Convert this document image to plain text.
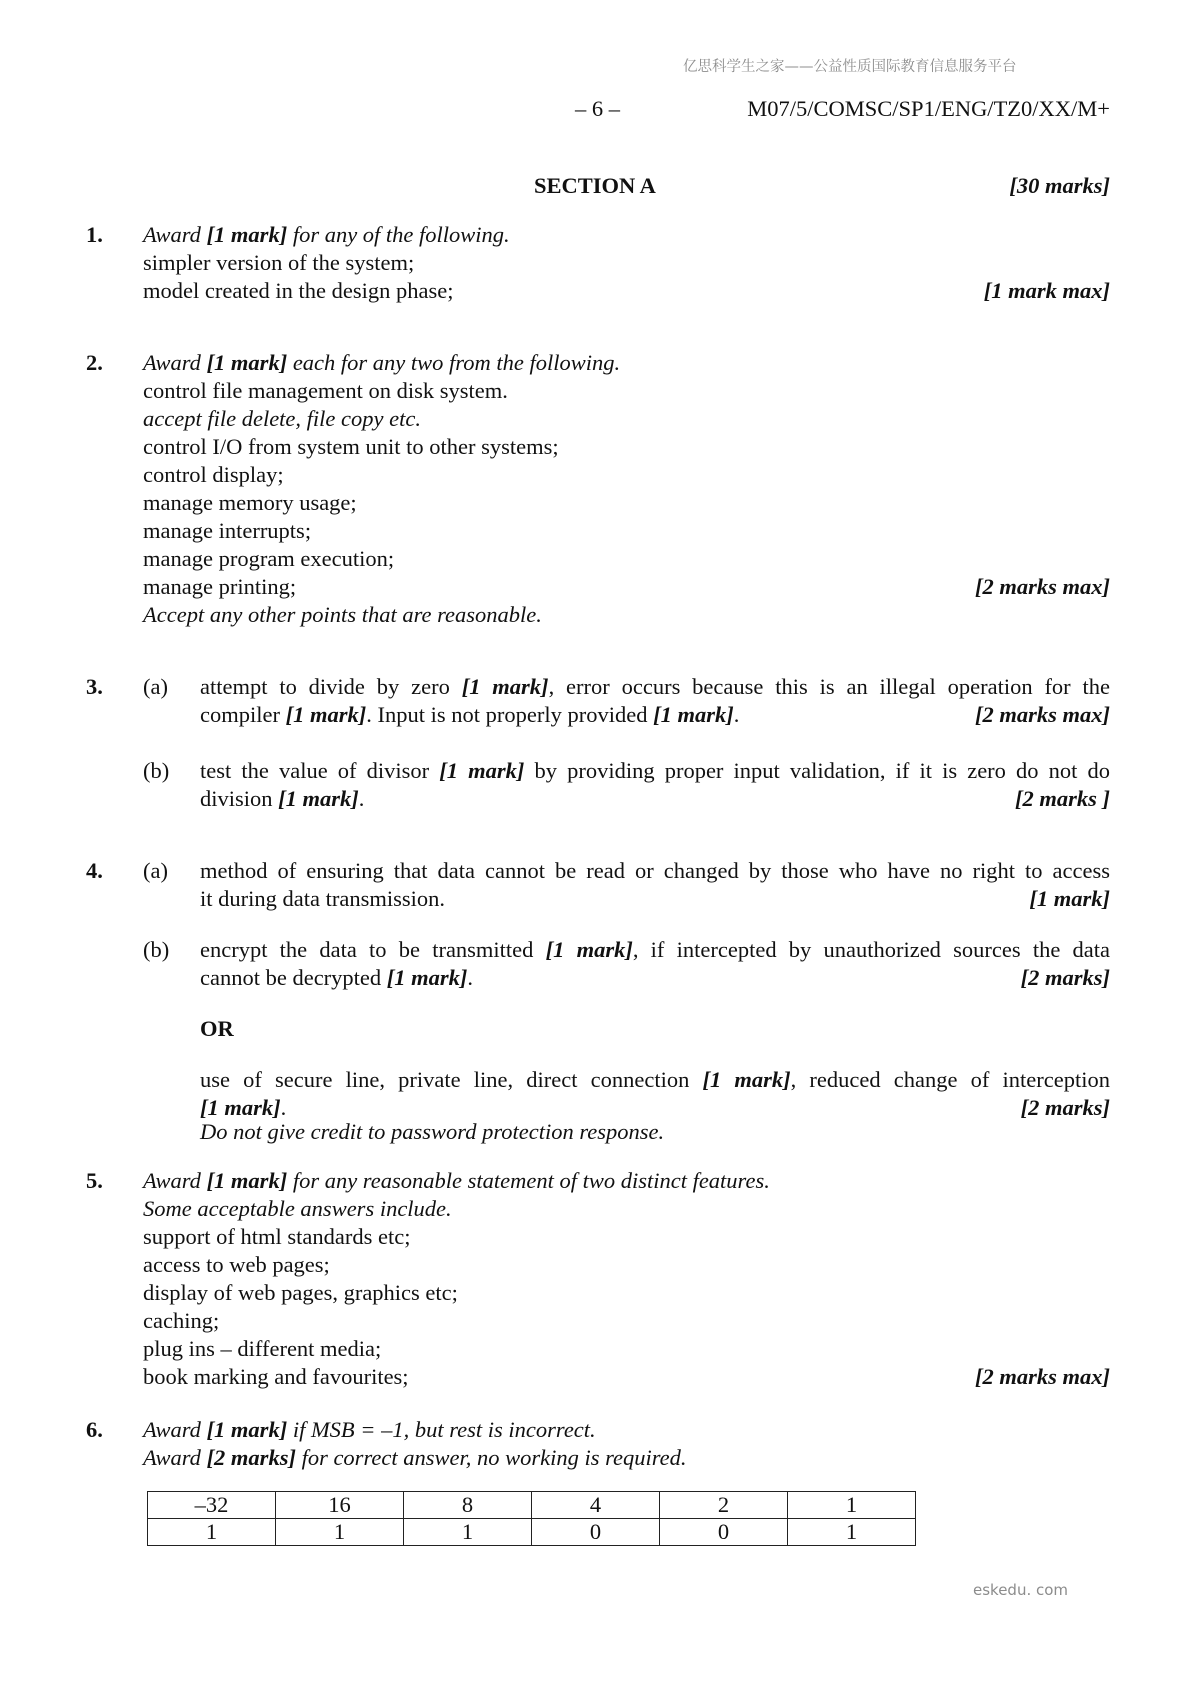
亿思科学生之家——公益性质国际教育信息服务平台
eskedu. com
– 6 –	M07/5/COMSC/SP1/ENG/TZ0/XX/M+
SECTION A	[30 marks]
1. Award [1 mark] for any of the following.
simpler version of the system;
model created in the design phase;	[1 mark max]
2. Award [1 mark] each for any two from the following.
control file management on disk system.
accept file delete, file copy etc.
control I/O from system unit to other systems;
control display;
manage memory usage;
manage interrupts;
manage program execution;
manage printing;	[2 marks max]
Accept any other points that are reasonable.
3. (a) attempt to divide by zero [1 mark], error occurs because this is an illegal operation for the
compiler [1 mark]. Input is not properly provided [1 mark].	[2 marks max]
(b) test the value of divisor [1 mark] by providing proper input validation, if it is zero do not do
division [1 mark].	[2 marks ]
4. (a) method of ensuring that data cannot be read or changed by those who have no right to access
it during data transmission.	[1 mark]
(b) encrypt the data to be transmitted [1 mark], if intercepted by unauthorized sources the data
cannot be decrypted [1 mark].	[2 marks]
OR
use of secure line, private line, direct connection [1 mark], reduced change of interception
[1 mark].	[2 marks]
Do not give credit to password protection response.
5. Award [1 mark] for any reasonable statement of two distinct features.
Some acceptable answers include.
support of html standards etc;
access to web pages;
display of web pages, graphics etc;
caching;
plug ins – different media;
book marking and favourites;	[2 marks max]
6. Award [1 mark] if MSB = –1, but rest is incorrect.
Award [2 marks] for correct answer, no working is required.
–32	16	8	4	2	1
1	1	1	0	0	1
